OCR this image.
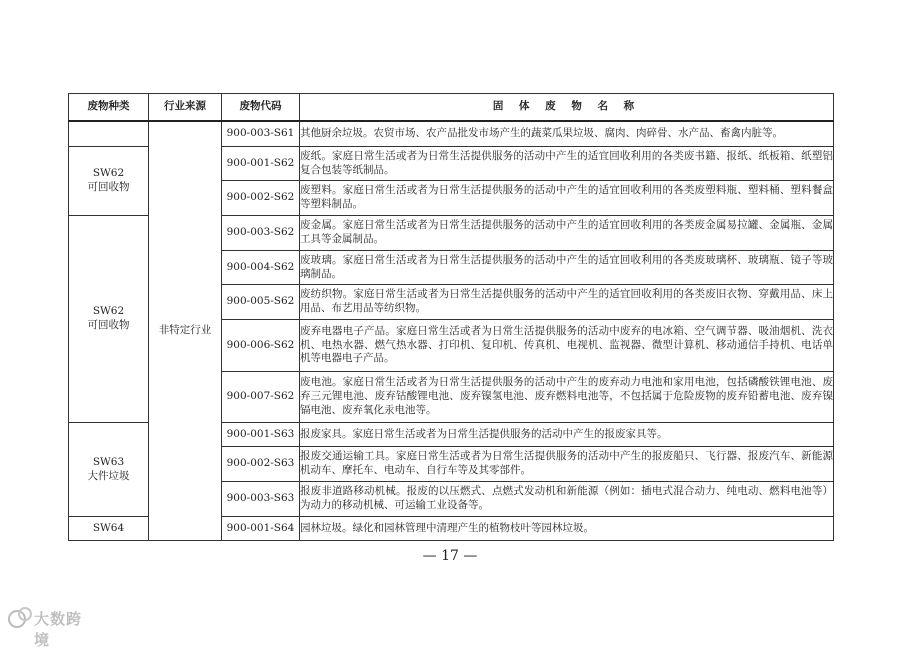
废物种类	行业来源	废物代码	固 体 废 物 名 称
	非特定行业	900-003-S61	其他厨余垃圾。农贸市场、农产品批发市场产生的蔬菜瓜果垃圾、腐肉、肉碎骨、水产品、畜禽内脏等。

SW62
可回收物		900-001-S62	废纸。家庭日常生活或者为日常生活提供服务的活动中产生的适宜回收利用的各类废书籍、报纸、纸板箱、纸塑铝复合包装等纸制品。
		900-002-S62	废塑料。家庭日常生活或者为日常生活提供服务的活动中产生的适宜回收利用的各类废塑料瓶、塑料桶、塑料餐盒等塑料制品。

SW62
可回收物		900-003-S62	废金属。家庭日常生活或者为日常生活提供服务的活动中产生的适宜回收利用的各类废金属易拉罐、金属瓶、金属工具等金属制品。
		900-004-S62	废玻璃。家庭日常生活或者为日常生活提供服务的活动中产生的适宜回收利用的各类废玻璃杯、玻璃瓶、镜子等玻璃制品。
		900-005-S62	废纺织物。家庭日常生活或者为日常生活提供服务的活动中产生的适宜回收利用的各类废旧衣物、穿戴用品、床上用品、布艺用品等纺织物。
		900-006-S62	废弃电器电子产品。家庭日常生活或者为日常生活提供服务的活动中废弃的电冰箱、空气调节器、吸油烟机、洗衣机、电热水器、燃气热水器、打印机、复印机、传真机、电视机、监视器、微型计算机、移动通信手持机、电话单机等电器电子产品。
		900-007-S62	废电池。家庭日常生活或者为日常生活提供服务的活动中产生的废弃动力电池和家用电池，包括磷酸铁锂电池、废弃三元锂电池、废弃钴酸锂电池、废弃镍氢电池、废弃燃料电池等，不包括属于危险废物的废弃铅蓄电池、废弃镍镉电池、废弃氧化汞电池等。

SW63
大件垃圾		900-001-S63	报废家具。家庭日常生活或者为日常生活提供服务的活动中产生的报废家具等。
		900-002-S63	报废交通运输工具。家庭日常生活或者为日常生活提供服务的活动中产生的报废船只、飞行器、报废汽车、新能源机动车、摩托车、电动车、自行车等及其零部件。
		900-003-S63	报废非道路移动机械。报废的以压燃式、点燃式发动机和新能源（例如：插电式混合动力、纯电动、燃料电池等）为动力的移动机械、可运输工业设备等。

SW64		900-001-S64	园林垃圾。绿化和园林管理中清理产生的植物枝叶等园林垃圾。
— 17 —
大数跨境
